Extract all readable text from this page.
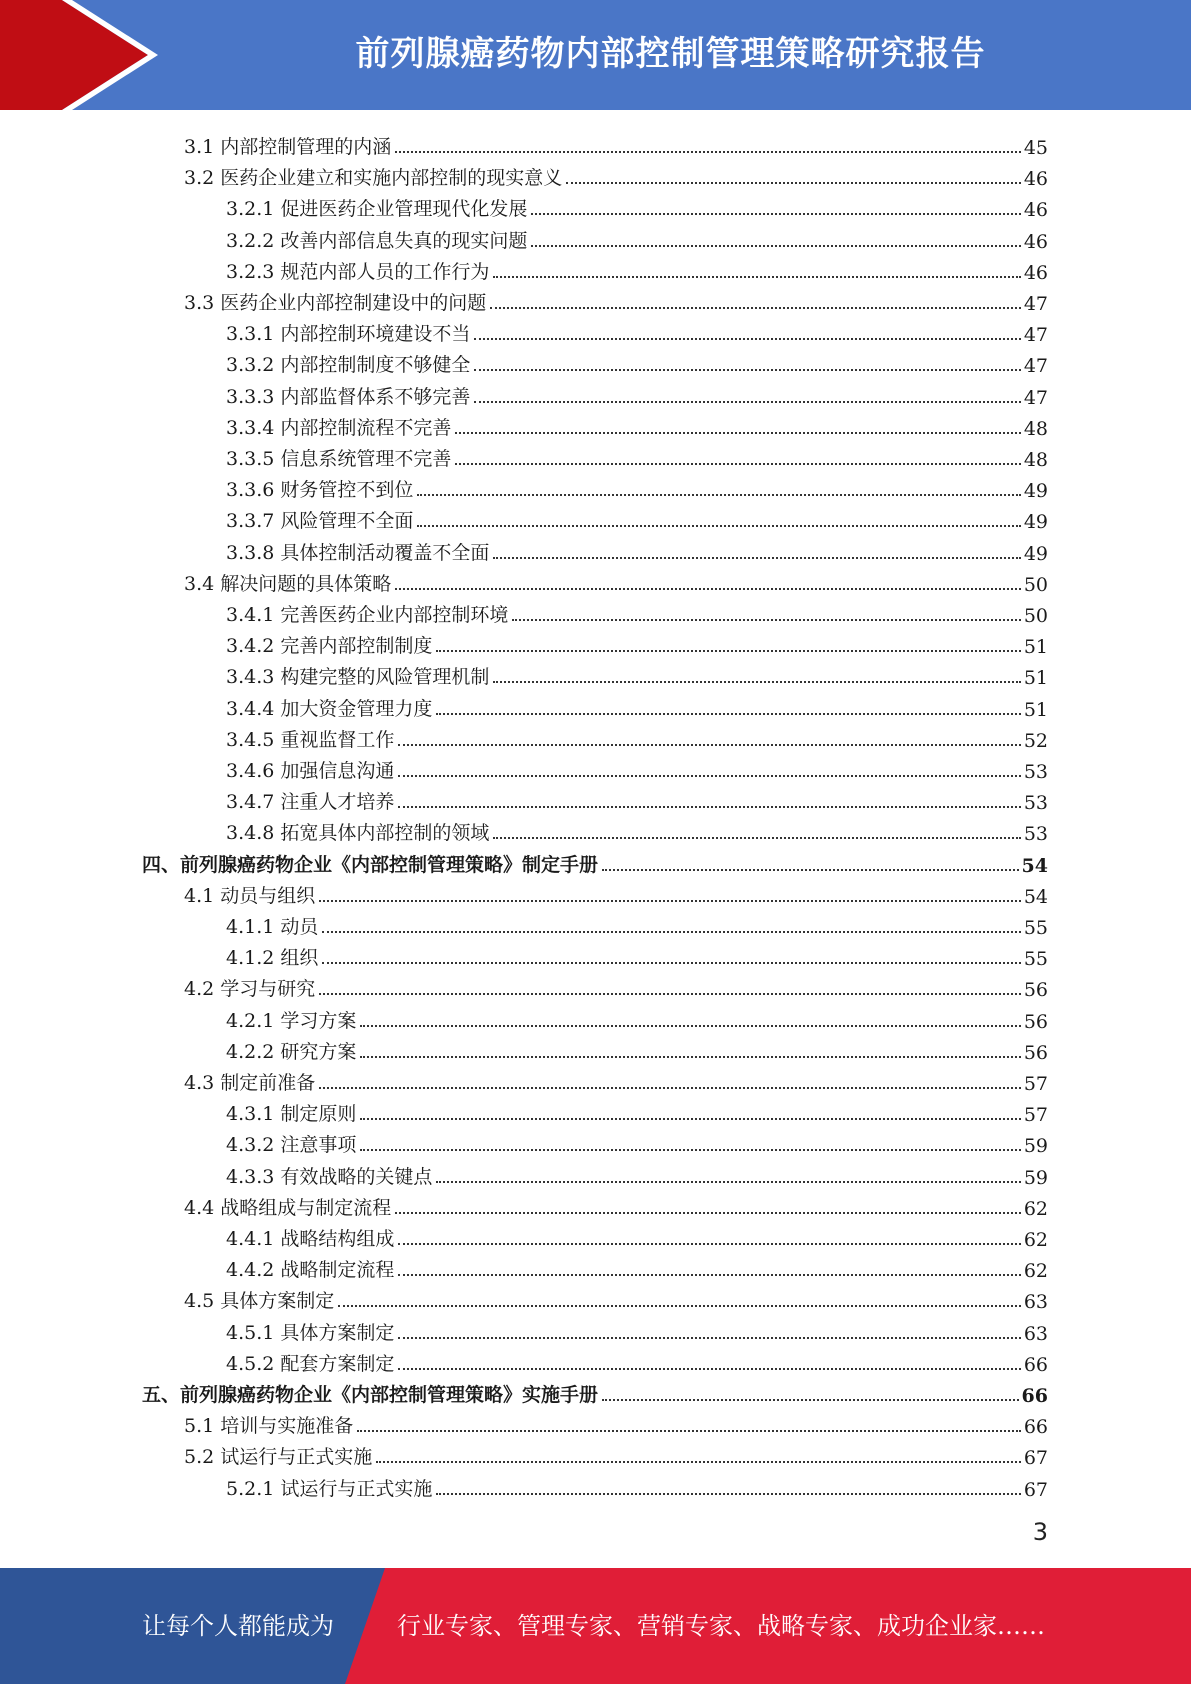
前列腺癌药物内部控制管理策略研究报告
3.1 内部控制管理的内涵	45
3.2 医药企业建立和实施内部控制的现实意义	46
3.2.1 促进医药企业管理现代化发展	46
3.2.2 改善内部信息失真的现实问题	46
3.2.3 规范内部人员的工作行为	46
3.3 医药企业内部控制建设中的问题	47
3.3.1 内部控制环境建设不当	47
3.3.2 内部控制制度不够健全	47
3.3.3 内部监督体系不够完善	47
3.3.4 内部控制流程不完善	48
3.3.5 信息系统管理不完善	48
3.3.6 财务管控不到位	49
3.3.7 风险管理不全面	49
3.3.8 具体控制活动覆盖不全面	49
3.4 解决问题的具体策略	50
3.4.1 完善医药企业内部控制环境	50
3.4.2 完善内部控制制度	51
3.4.3 构建完整的风险管理机制	51
3.4.4 加大资金管理力度	51
3.4.5 重视监督工作	52
3.4.6 加强信息沟通	53
3.4.7 注重人才培养	53
3.4.8 拓宽具体内部控制的领域	53
四、前列腺癌药物企业《内部控制管理策略》制定手册	54
4.1 动员与组织	54
4.1.1 动员	55
4.1.2 组织	55
4.2 学习与研究	56
4.2.1 学习方案	56
4.2.2 研究方案	56
4.3 制定前准备	57
4.3.1 制定原则	57
4.3.2 注意事项	59
4.3.3 有效战略的关键点	59
4.4 战略组成与制定流程	62
4.4.1 战略结构组成	62
4.4.2 战略制定流程	62
4.5 具体方案制定	63
4.5.1 具体方案制定	63
4.5.2 配套方案制定	66
五、前列腺癌药物企业《内部控制管理策略》实施手册	66
5.1 培训与实施准备	66
5.2 试运行与正式实施	67
5.2.1 试运行与正式实施	67
3
让每个人都能成为	行业专家、管理专家、营销专家、战略专家、成功企业家……
